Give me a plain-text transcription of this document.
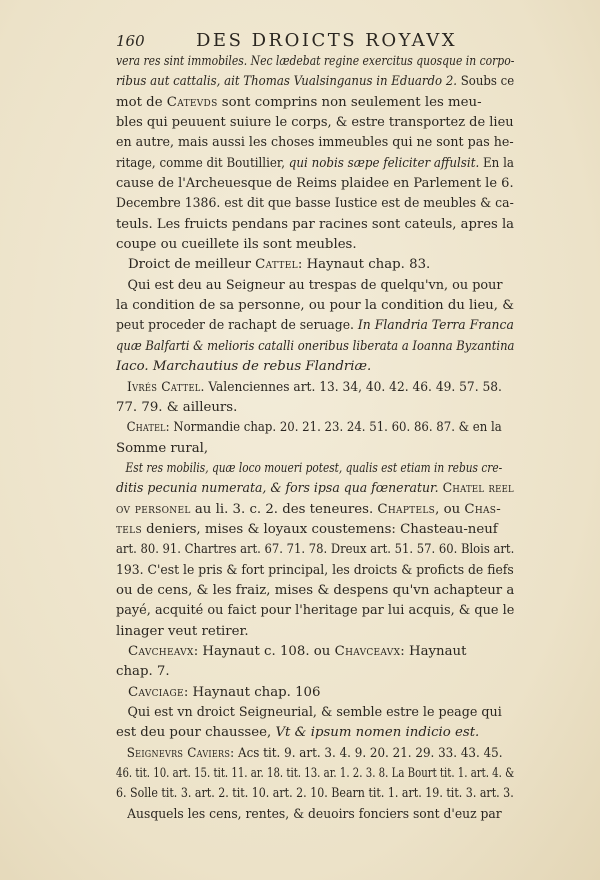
160	DES DROICTS ROYAVX
vera res sint immobiles. Nec lædebat regine exercitus quosque in corpo-
ribus aut cattalis, ait Thomas Vualsinganus in Eduardo 2. Soubs ce
mot de Catevds sont comprins non seulement les meu-
bles qui peuuent suiure le corps, & estre transportez de lieu
en autre, mais aussi les choses immeubles qui ne sont pas he-
ritage, comme dit Boutillier, qui nobis sæpe feliciter affulsit. En la
cause de l'Archeuesque de Reims plaidee en Parlement le 6.
Decembre 1386. est dit que basse Iustice est de meubles & ca-
teuls. Les fruicts pendans par racines sont cateuls, apres la
coupe ou cueillete ils sont meubles.
Droict de meilleur Cattel: Haynaut chap. 83.
Qui est deu au Seigneur au trespas de quelqu'vn, ou pour
la condition de sa personne, ou pour la condition du lieu, &
peut proceder de rachapt de seruage. In Flandria Terra Franca
quæ Balfarti & melioris catalli oneribus liberata a Ioanna Byzantina
Iaco. Marchautius de rebus Flandriæ.
Ivrés Cattel. Valenciennes art. 13. 34, 40. 42. 46. 49. 57. 58.
77. 79. & ailleurs.
Chatel: Normandie chap. 20. 21. 23. 24. 51. 60. 86. 87. & en la
Somme rural,
Est res mobilis, quæ loco moueri potest, qualis est etiam in rebus cre-
ditis pecunia numerata, & fors ipsa qua fœneratur. Chatel reel
ov personel au li. 3. c. 2. des teneures. Chaptels, ou Chas-
tels deniers, mises & loyaux coustemens: Chasteau-neuf
art. 80. 91. Chartres art. 67. 71. 78. Dreux art. 51. 57. 60. Blois art.
193. C'est le pris & fort principal, les droicts & proficts de fiefs
ou de cens, & les fraiz, mises & despens qu'vn achapteur a
payé, acquité ou faict pour l'heritage par lui acquis, & que le
linager veut retirer.
Cavcheavx: Haynaut c. 108. ou Chavceavx: Haynaut
chap. 7.
Cavciage: Haynaut chap. 106
Qui est vn droict Seigneurial, & semble estre le peage qui
est deu pour chaussee, Vt & ipsum nomen indicio est.
Seignevrs Caviers: Acs tit. 9. art. 3. 4. 9. 20. 21. 29. 33. 43. 45.
46. tit. 10. art. 15. tit. 11. ar. 18. tit. 13. ar. 1. 2. 3. 8. La Bourt tit. 1. art. 4. &
6. Solle tit. 3. art. 2. tit. 10. art. 2. 10. Bearn tit. 1. art. 19. tit. 3. art. 3.
Ausquels les cens, rentes, & deuoirs fonciers sont d'euz par
